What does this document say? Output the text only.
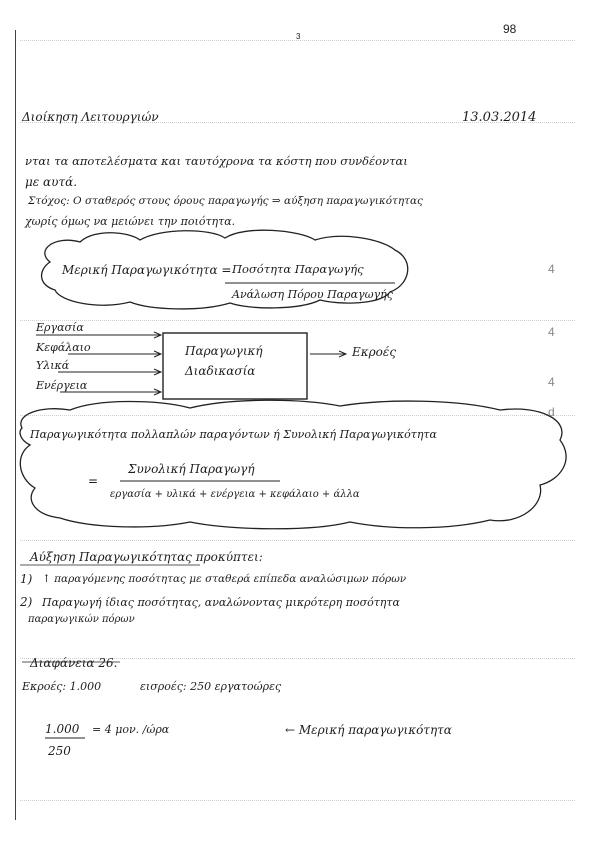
98
3
Διοίκηση Λειτουργιών	13.03.2014
νται τα αποτελέσματα και ταυτόχρονα τα κόστη που συνδέονται
με αυτά.
Στόχος: Ο σταθερός στους όρους παραγωγής ⇒ αύξηση παραγωγικότητας
χωρίς όμως να μειώνει την ποιότητα.
Μερική Παραγωγικότητα = Ποσότητα Παραγωγής
Ανάλωση Πόρου Παραγωγής
Εργασία
Κεφάλαιο
Υλικά
Ενέργεια
Παραγωγική
Διαδικασία
Εκροές
Παραγωγικότητα πολλαπλών παραγόντων ή Συνολική Παραγωγικότητα
Συνολική Παραγωγή
=
εργασία + υλικά + ενέργεια + κεφάλαιο + άλλα
Αύξηση Παραγωγικότητας προκύπτει:
1) ↑ παραγόμενης ποσότητας με σταθερά επίπεδα αναλώσιμων πόρων
2) Παραγωγή ίδιας ποσότητας, αναλώνοντας μικρότερη ποσότητα
παραγωγικών πόρων
Διαφάνεια 26.
Εκροές: 1.000	εισροές: 250 εργατοώρες
1.000
250
= 4 μον. /ώρα	← Μερική παραγωγικότητα
4
4
4
d
